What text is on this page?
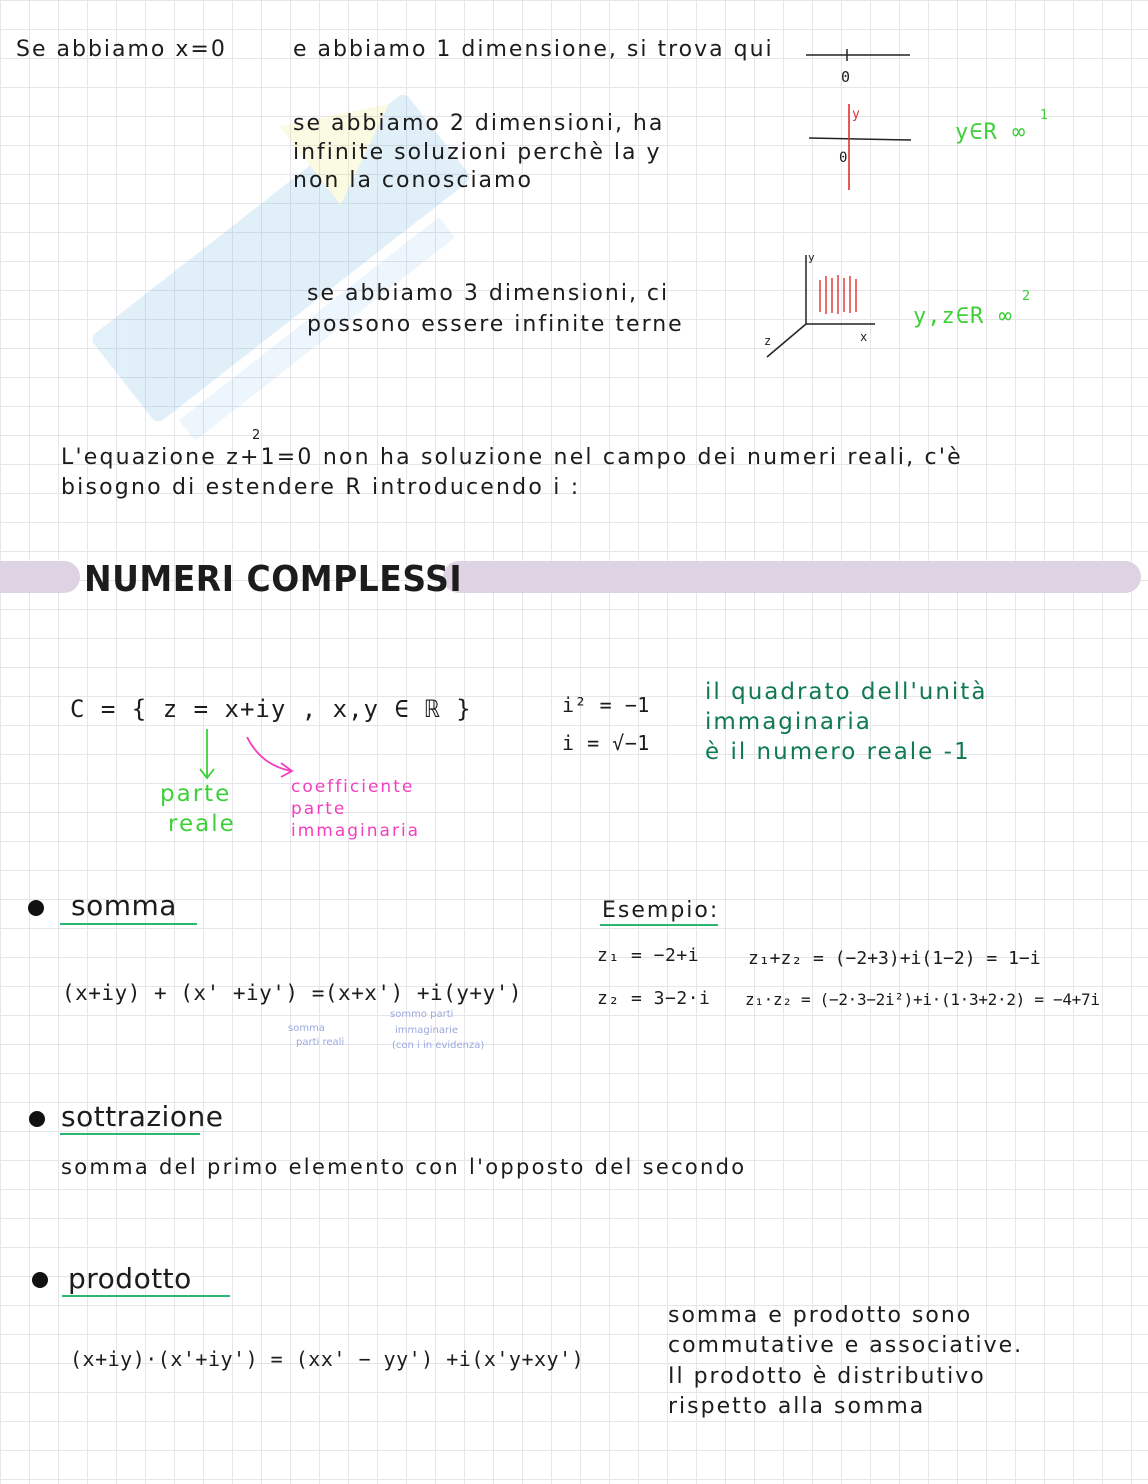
Se abbiamo x=0	e abbiamo 1 dimensione, si trova qui
0
se abbiamo 2 dimensioni, ha
infinite soluzioni perchè la y
non la conosciamo
y
0
y∈R ∞
1
se abbiamo 3 dimensioni, ci
possono essere infinite terne
y
x
z
y,z∈R ∞
2
2
L'equazione z+1=0 non ha soluzione nel campo dei numeri reali, c'è
bisogno di estendere R introducendo i :
NUMERI COMPLESSI
C = { z = x+iy , x,y ∈ ℝ }
parte
reale
coefficiente
parte
immaginaria
i² = −1
i = √−1
il quadrato dell'unità
immaginaria
è il numero reale -1
somma
(x+iy) + (x' +iy') =(x+x') +i(y+y')
somma
parti reali
sommo parti
immaginarie
(con i in evidenza)
Esempio:
z₁ = −2+i
z₂ = 3−2·i
z₁+z₂ = (−2+3)+i(1−2) = 1−i
z₁·z₂ = (−2·3−2i²)+i·(1·3+2·2) = −4+7i
sottrazione
somma del primo elemento con l'opposto del secondo
prodotto
(x+iy)·(x'+iy') = (xx' − yy') +i(x'y+xy')
somma e prodotto sono
commutative e associative.
Il prodotto è distributivo
rispetto alla somma
